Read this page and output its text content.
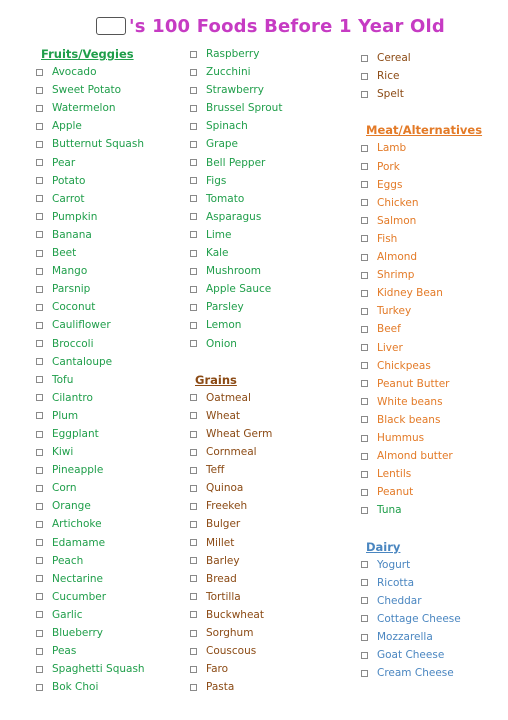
's 100 Foods Before 1 Year Old
Fruits/Veggies
Avocado
Sweet Potato
Watermelon
Apple
Butternut Squash
Pear
Potato
Carrot
Pumpkin
Banana
Beet
Mango
Parsnip
Coconut
Cauliflower
Broccoli
Cantaloupe
Tofu
Cilantro
Plum
Eggplant
Kiwi
Pineapple
Corn
Orange
Artichoke
Edamame
Peach
Nectarine
Cucumber
Garlic
Blueberry
Peas
Spaghetti Squash
Bok Choi
Raspberry
Zucchini
Strawberry
Brussel Sprout
Spinach
Grape
Bell Pepper
Figs
Tomato
Asparagus
Lime
Kale
Mushroom
Apple Sauce
Parsley
Lemon
Onion
Grains
Oatmeal
Wheat
Wheat Germ
Cornmeal
Teff
Quinoa
Freekeh
Bulger
Millet
Barley
Bread
Tortilla
Buckwheat
Sorghum
Couscous
Faro
Pasta
Cereal
Rice
Spelt
Meat/Alternatives
Lamb
Pork
Eggs
Chicken
Salmon
Fish
Almond
Shrimp
Kidney Bean
Turkey
Beef
Liver
Chickpeas
Peanut Butter
White beans
Black beans
Hummus
Almond butter
Lentils
Peanut
Tuna
Dairy
Yogurt
Ricotta
Cheddar
Cottage Cheese
Mozzarella
Goat Cheese
Cream Cheese
